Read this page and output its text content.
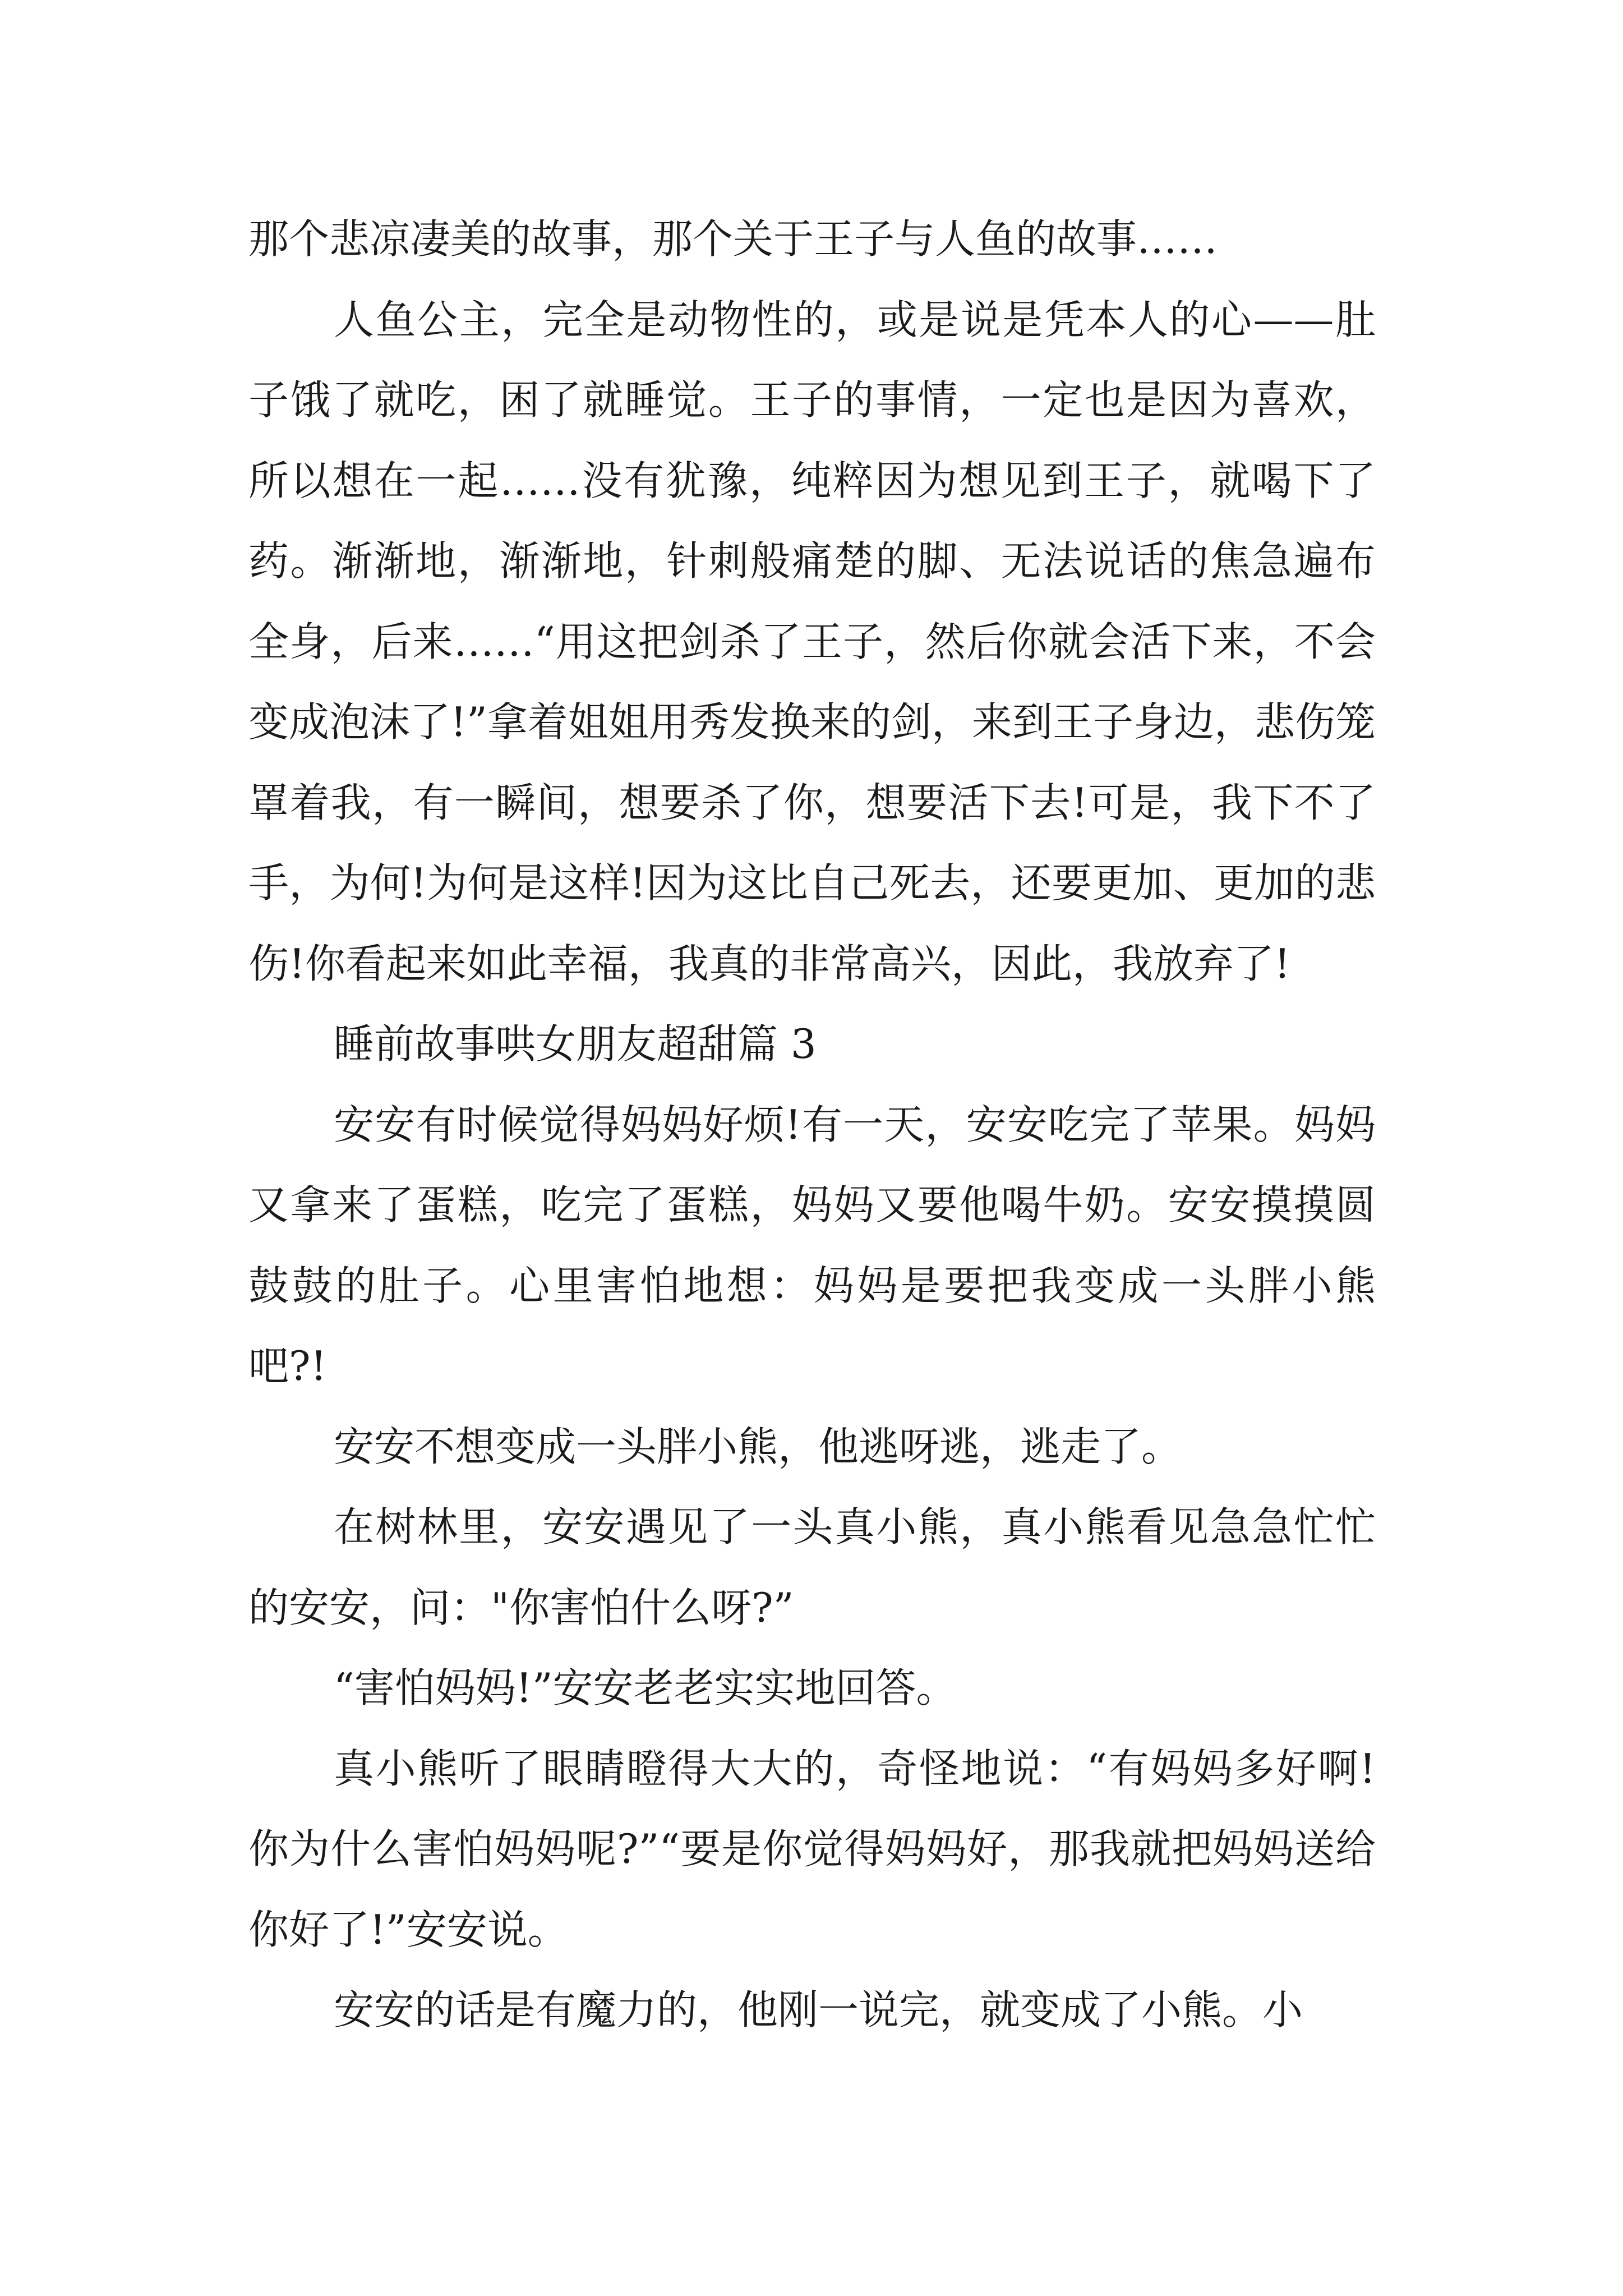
那个悲凉凄美的故事，那个关于王子与人鱼的故事……

人鱼公主，完全是动物性的，或是说是凭本人的心——肚子饿了就吃，困了就睡觉。王子的事情，一定也是因为喜欢，所以想在一起……没有犹豫，纯粹因为想见到王子，就喝下了药。渐渐地，渐渐地，针刺般痛楚的脚、无法说话的焦急遍布全身，后来……“用这把剑杀了王子，然后你就会活下来，不会变成泡沫了!”拿着姐姐用秀发换来的剑，来到王子身边，悲伤笼罩着我，有一瞬间，想要杀了你，想要活下去!可是，我下不了手，为何!为何是这样!因为这比自己死去，还要更加、更加的悲伤!你看起来如此幸福，我真的非常高兴，因此，我放弃了!

睡前故事哄女朋友超甜篇 3

安安有时候觉得妈妈好烦!有一天，安安吃完了苹果。妈妈又拿来了蛋糕，吃完了蛋糕，妈妈又要他喝牛奶。安安摸摸圆鼓鼓的肚子。心里害怕地想：妈妈是要把我变成一头胖小熊吧?!

安安不想变成一头胖小熊，他逃呀逃，逃走了。

在树林里，安安遇见了一头真小熊，真小熊看见急急忙忙的安安，问："你害怕什么呀?”

“害怕妈妈!”安安老老实实地回答。

真小熊听了眼睛瞪得大大的，奇怪地说：“有妈妈多好啊!你为什么害怕妈妈呢?”“要是你觉得妈妈好，那我就把妈妈送给你好了!”安安说。

安安的话是有魔力的，他刚一说完，就变成了小熊。小
